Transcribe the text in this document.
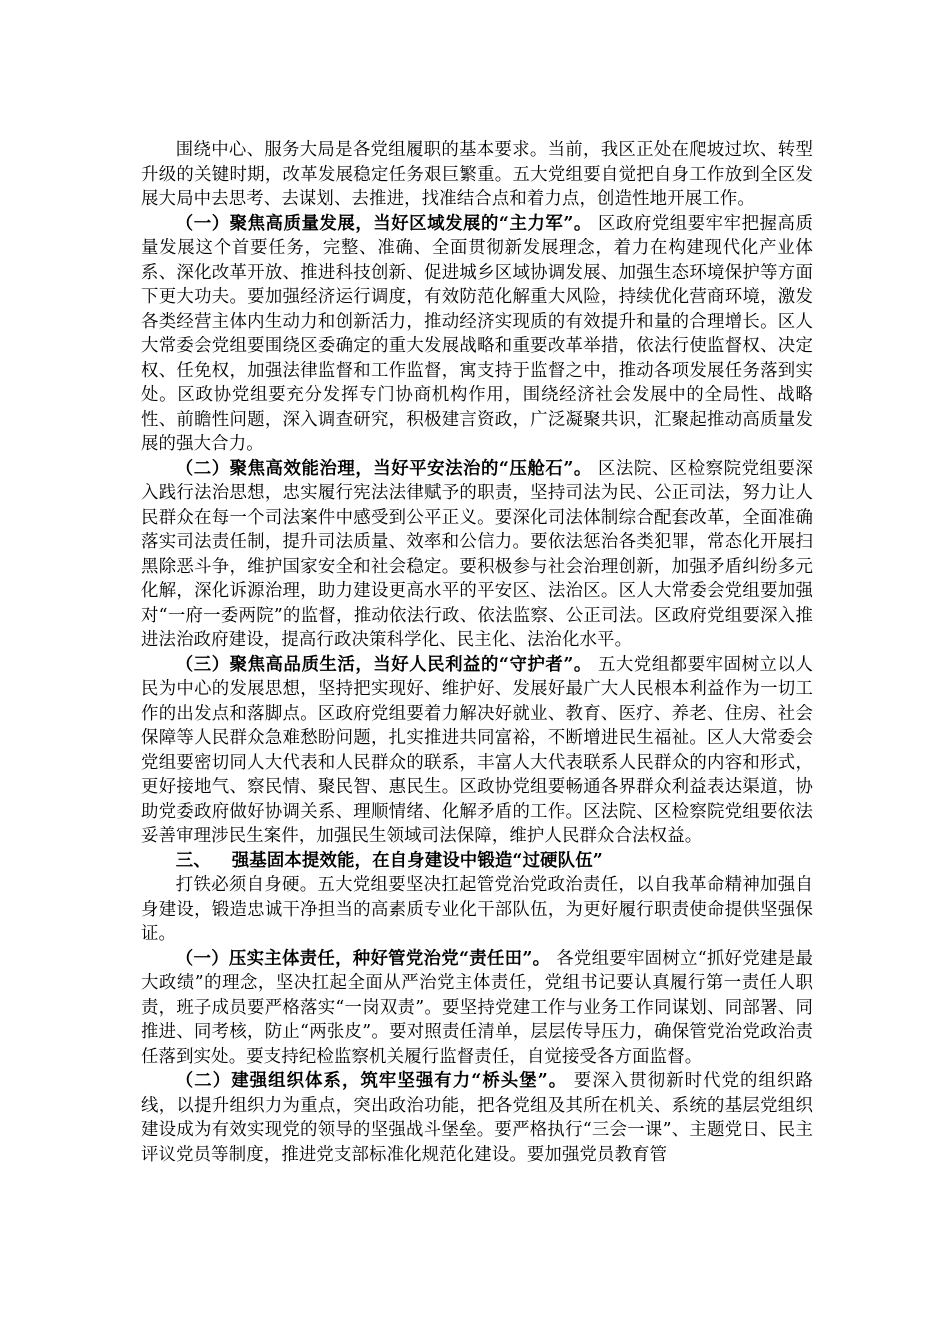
围绕中心、服务大局是各党组履职的基本要求。当前，我区正处在爬坡过坎、转型升级的关键时期，改革发展稳定任务艰巨繁重。五大党组要自觉把自身工作放到全区发展大局中去思考、去谋划、去推进，找准结合点和着力点，创造性地开展工作。

（一）聚焦高质量发展，当好区域发展的“主力军”。 区政府党组要牢牢把握高质量发展这个首要任务，完整、准确、全面贯彻新发展理念，着力在构建现代化产业体系、深化改革开放、推进科技创新、促进城乡区域协调发展、加强生态环境保护等方面下更大功夫。要加强经济运行调度，有效防范化解重大风险，持续优化营商环境，激发各类经营主体内生动力和创新活力，推动经济实现质的有效提升和量的合理增长。区人大常委会党组要围绕区委确定的重大发展战略和重要改革举措，依法行使监督权、决定权、任免权，加强法律监督和工作监督，寓支持于监督之中，推动各项发展任务落到实处。区政协党组要充分发挥专门协商机构作用，围绕经济社会发展中的全局性、战略性、前瞻性问题，深入调查研究，积极建言资政，广泛凝聚共识，汇聚起推动高质量发展的强大合力。

（二）聚焦高效能治理，当好平安法治的“压舱石”。 区法院、区检察院党组要深入践行法治思想，忠实履行宪法法律赋予的职责，坚持司法为民、公正司法，努力让人民群众在每一个司法案件中感受到公平正义。要深化司法体制综合配套改革，全面准确落实司法责任制，提升司法质量、效率和公信力。要依法惩治各类犯罪，常态化开展扫黑除恶斗争，维护国家安全和社会稳定。要积极参与社会治理创新，加强矛盾纠纷多元化解，深化诉源治理，助力建设更高水平的平安区、法治区。区人大常委会党组要加强对“一府一委两院”的监督，推动依法行政、依法监察、公正司法。区政府党组要深入推进法治政府建设，提高行政决策科学化、民主化、法治化水平。

（三）聚焦高品质生活，当好人民利益的“守护者”。 五大党组都要牢固树立以人民为中心的发展思想，坚持把实现好、维护好、发展好最广大人民根本利益作为一切工作的出发点和落脚点。区政府党组要着力解决好就业、教育、医疗、养老、住房、社会保障等人民群众急难愁盼问题，扎实推进共同富裕，不断增进民生福祉。区人大常委会党组要密切同人大代表和人民群众的联系，丰富人大代表联系人民群众的内容和形式，更好接地气、察民情、聚民智、惠民生。区政协党组要畅通各界群众利益表达渠道，协助党委政府做好协调关系、理顺情绪、化解矛盾的工作。区法院、区检察院党组要依法妥善审理涉民生案件，加强民生领域司法保障，维护人民群众合法权益。

三、 强基固本提效能，在自身建设中锻造“过硬队伍”

打铁必须自身硬。五大党组要坚决扛起管党治党政治责任，以自我革命精神加强自身建设，锻造忠诚干净担当的高素质专业化干部队伍，为更好履行职责使命提供坚强保证。

（一）压实主体责任，种好管党治党“责任田”。 各党组要牢固树立“抓好党建是最大政绩”的理念，坚决扛起全面从严治党主体责任，党组书记要认真履行第一责任人职责，班子成员要严格落实“一岗双责”。要坚持党建工作与业务工作同谋划、同部署、同推进、同考核，防止“两张皮”。要对照责任清单，层层传导压力，确保管党治党政治责任落到实处。要支持纪检监察机关履行监督责任，自觉接受各方面监督。

（二）建强组织体系，筑牢坚强有力“桥头堡”。 要深入贯彻新时代党的组织路线，以提升组织力为重点，突出政治功能，把各党组及其所在机关、系统的基层党组织建设成为有效实现党的领导的坚强战斗堡垒。要严格执行“三会一课”、主题党日、民主评议党员等制度，推进党支部标准化规范化建设。要加强党员教育管
